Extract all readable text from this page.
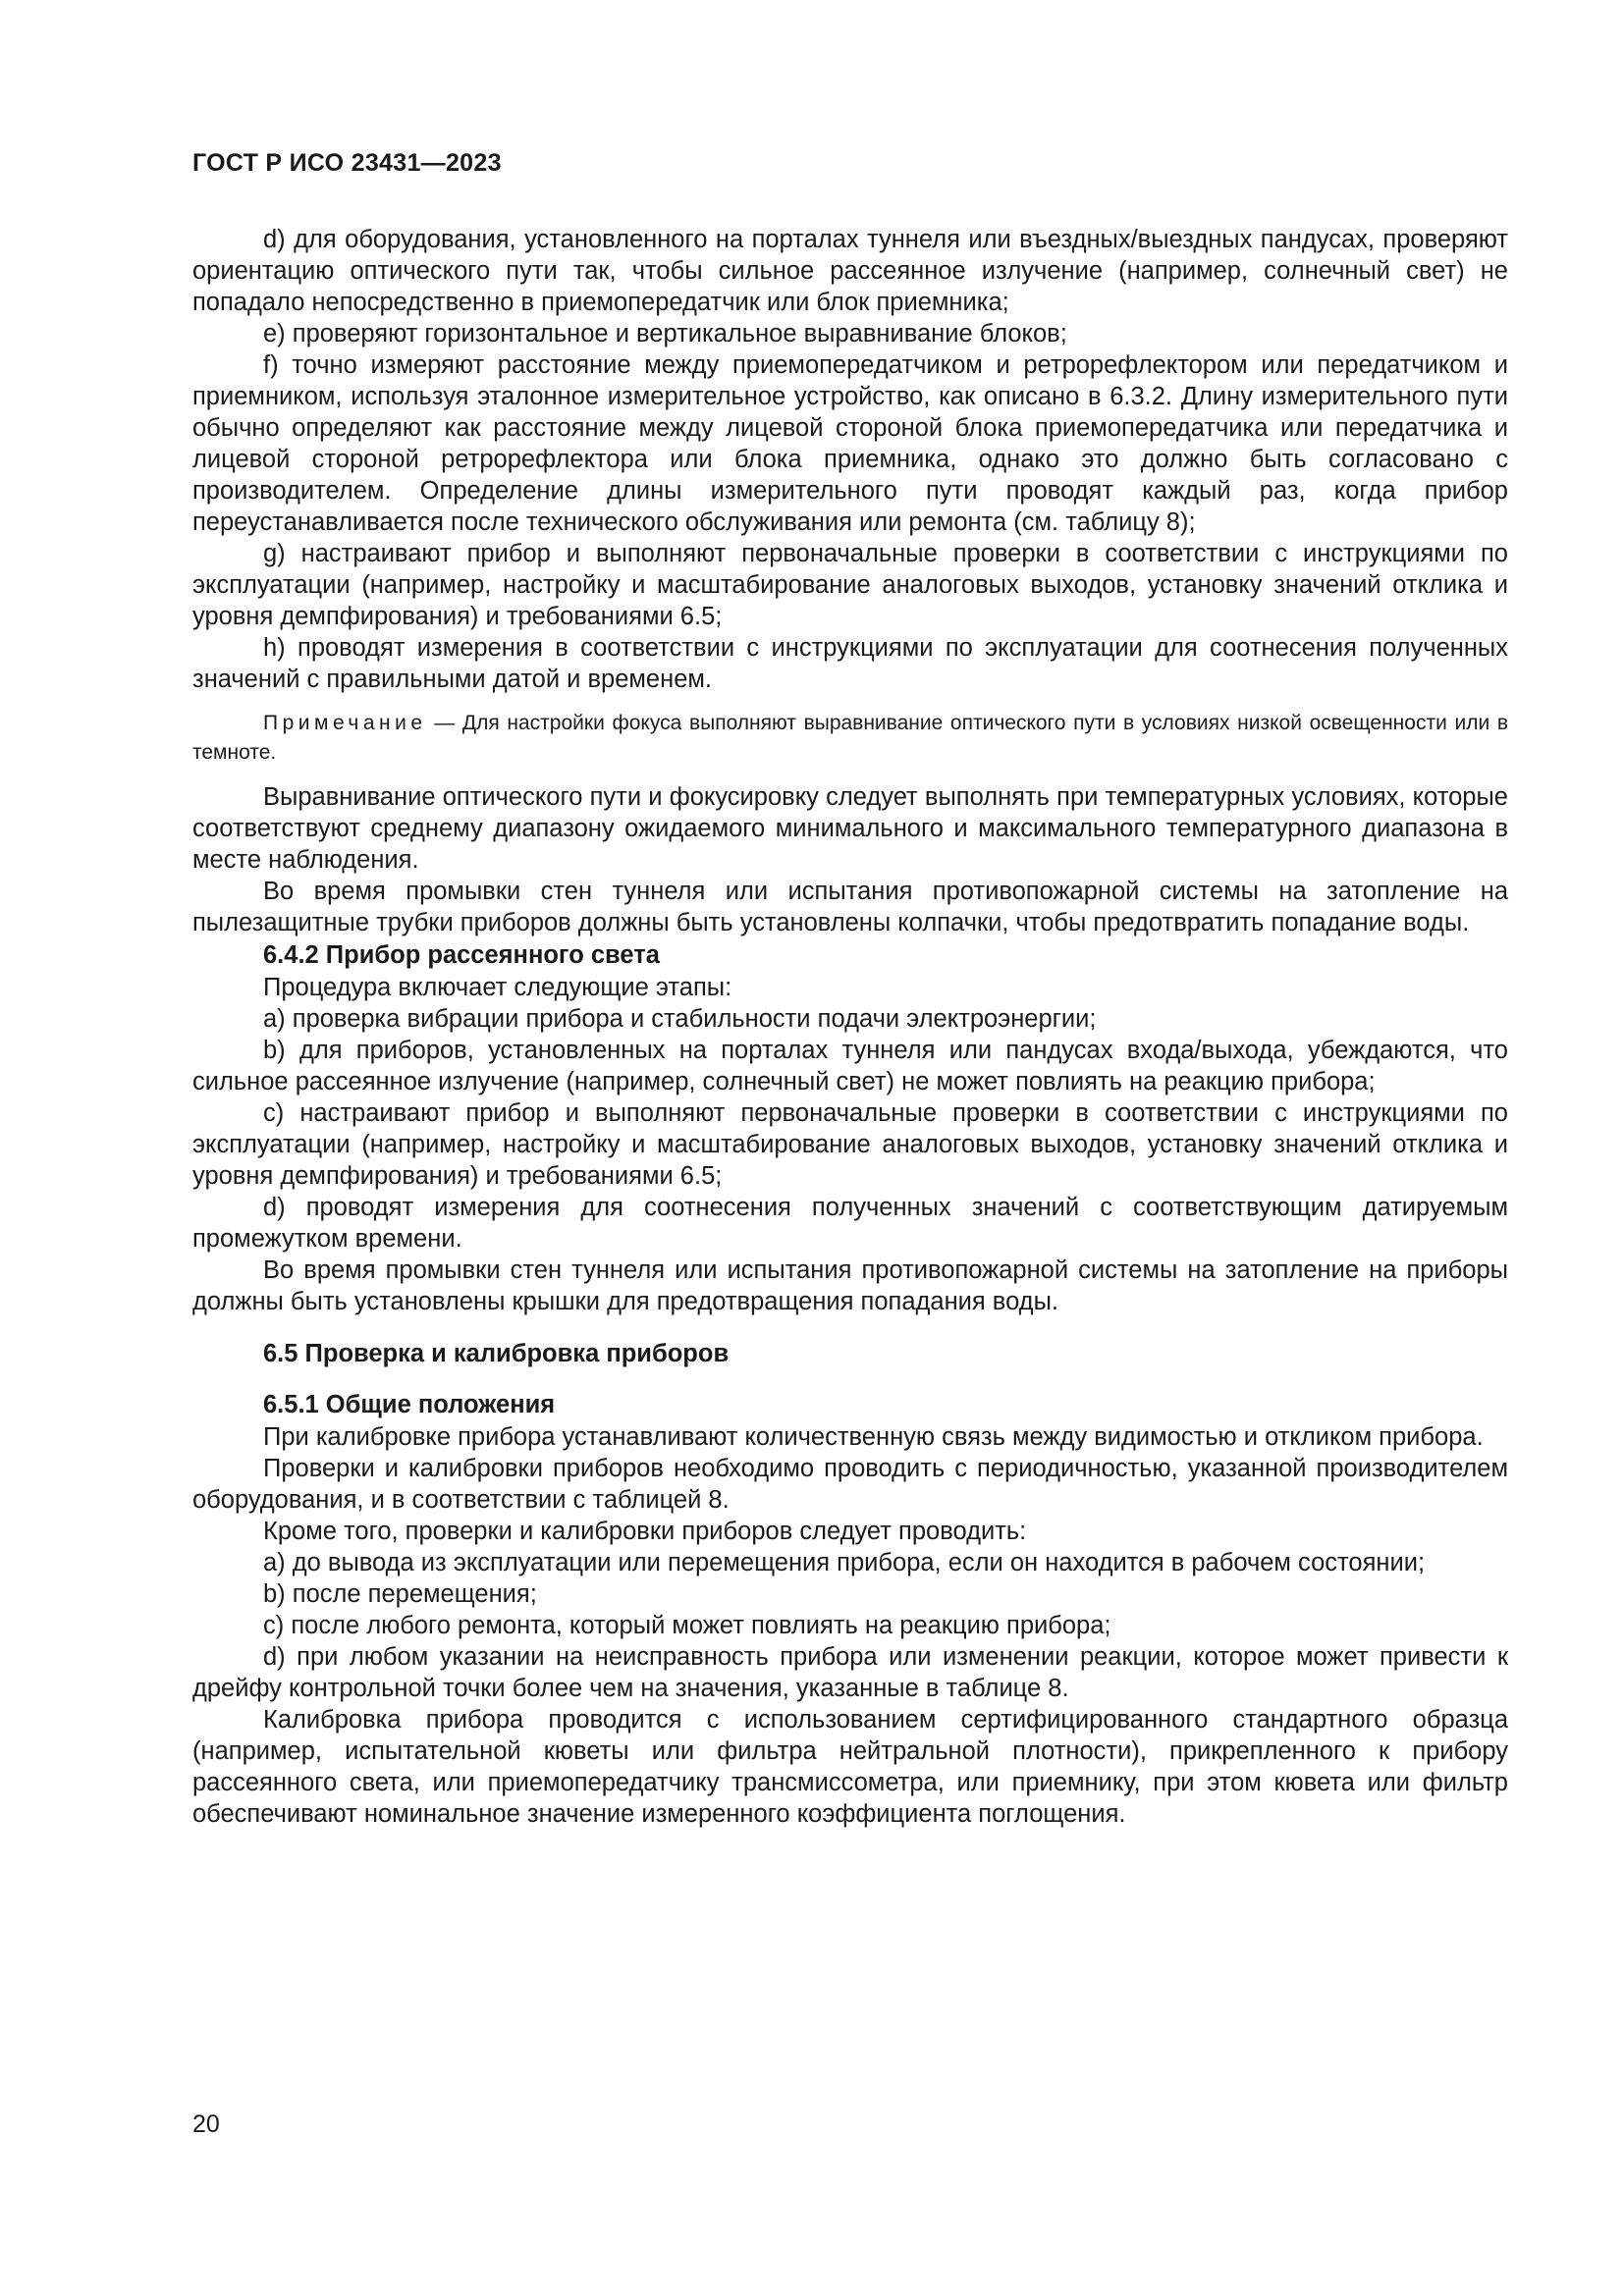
ГОСТ Р ИСО 23431—2023

d) для оборудования, установленного на порталах туннеля или въездных/выездных пандусах, проверяют ориентацию оптического пути так, чтобы сильное рассеянное излучение (например, солнечный свет) не попадало непосредственно в приемопередатчик или блок приемника;

e) проверяют горизонтальное и вертикальное выравнивание блоков;

f) точно измеряют расстояние между приемопередатчиком и ретрорефлектором или передатчиком и приемником, используя эталонное измерительное устройство, как описано в 6.3.2. Длину измерительного пути обычно определяют как расстояние между лицевой стороной блока приемопередатчика или передатчика и лицевой стороной ретрорефлектора или блока приемника, однако это должно быть согласовано с производителем. Определение длины измерительного пути проводят каждый раз, когда прибор переустанавливается после технического обслуживания или ремонта (см. таблицу 8);

g) настраивают прибор и выполняют первоначальные проверки в соответствии с инструкциями по эксплуатации (например, настройку и масштабирование аналоговых выходов, установку значений отклика и уровня демпфирования) и требованиями 6.5;

h) проводят измерения в соответствии с инструкциями по эксплуатации для соотнесения полученных значений с правильными датой и временем.

Примечание — Для настройки фокуса выполняют выравнивание оптического пути в условиях низкой освещенности или в темноте.

Выравнивание оптического пути и фокусировку следует выполнять при температурных условиях, которые соответствуют среднему диапазону ожидаемого минимального и максимального температурного диапазона в месте наблюдения.

Во время промывки стен туннеля или испытания противопожарной системы на затопление на пылезащитные трубки приборов должны быть установлены колпачки, чтобы предотвратить попадание воды.

6.4.2 Прибор рассеянного света

Процедура включает следующие этапы:

a) проверка вибрации прибора и стабильности подачи электроэнергии;

b) для приборов, установленных на порталах туннеля или пандусах входа/выхода, убеждаются, что сильное рассеянное излучение (например, солнечный свет) не может повлиять на реакцию прибора;

c) настраивают прибор и выполняют первоначальные проверки в соответствии с инструкциями по эксплуатации (например, настройку и масштабирование аналоговых выходов, установку значений отклика и уровня демпфирования) и требованиями 6.5;

d) проводят измерения для соотнесения полученных значений с соответствующим датируемым промежутком времени.

Во время промывки стен туннеля или испытания противопожарной системы на затопление на приборы должны быть установлены крышки для предотвращения попадания воды.

6.5 Проверка и калибровка приборов
6.5.1 Общие положения

При калибровке прибора устанавливают количественную связь между видимостью и откликом прибора.

Проверки и калибровки приборов необходимо проводить с периодичностью, указанной производителем оборудования, и в соответствии с таблицей 8.

Кроме того, проверки и калибровки приборов следует проводить:

a) до вывода из эксплуатации или перемещения прибора, если он находится в рабочем состоянии;

b) после перемещения;

c) после любого ремонта, который может повлиять на реакцию прибора;

d) при любом указании на неисправность прибора или изменении реакции, которое может привести к дрейфу контрольной точки более чем на значения, указанные в таблице 8.

Калибровка прибора проводится с использованием сертифицированного стандартного образца (например, испытательной кюветы или фильтра нейтральной плотности), прикрепленного к прибору рассеянного света, или приемопередатчику трансмиссометра, или приемнику, при этом кювета или фильтр обеспечивают номинальное значение измеренного коэффициента поглощения.

20
